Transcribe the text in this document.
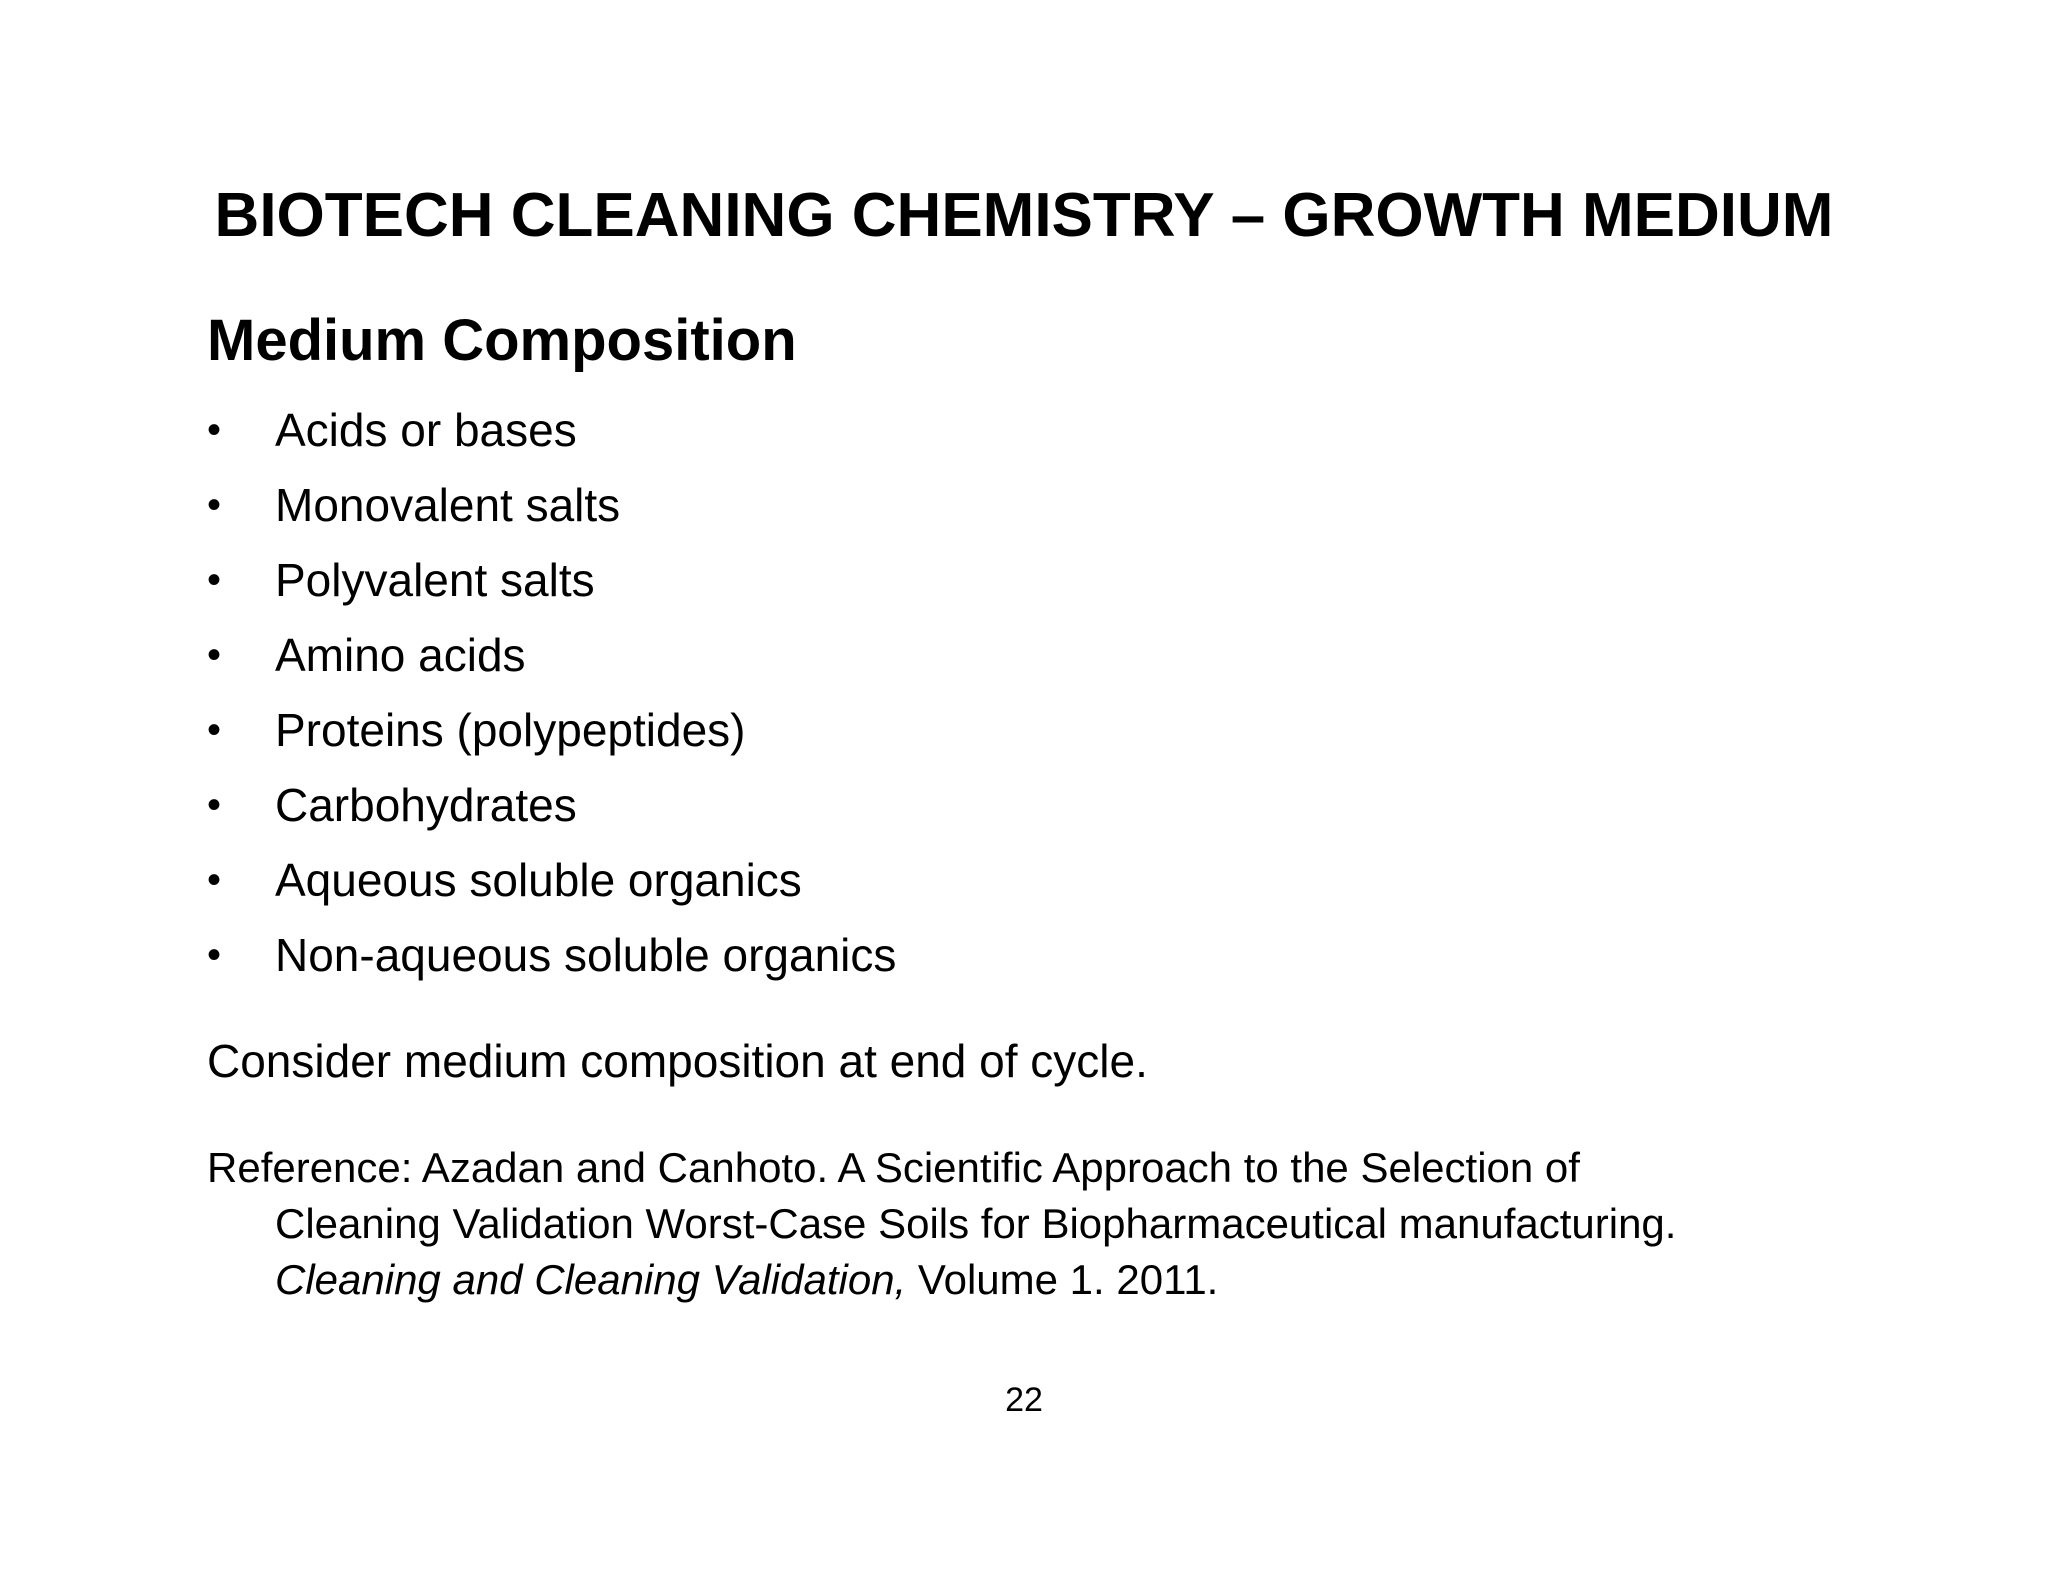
BIOTECH CLEANING CHEMISTRY – GROWTH MEDIUM
Medium Composition
•	Acids or bases
•	Monovalent salts
•	Polyvalent salts
•	Amino acids
•	Proteins (polypeptides)
•	Carbohydrates
•	Aqueous soluble organics
•	Non-aqueous soluble organics
Consider medium composition at end of cycle.
Reference: Azadan and Canhoto. A Scientific Approach to the Selection of
Cleaning Validation Worst-Case Soils for Biopharmaceutical manufacturing.
Cleaning and Cleaning Validation, Volume 1. 2011.
22
